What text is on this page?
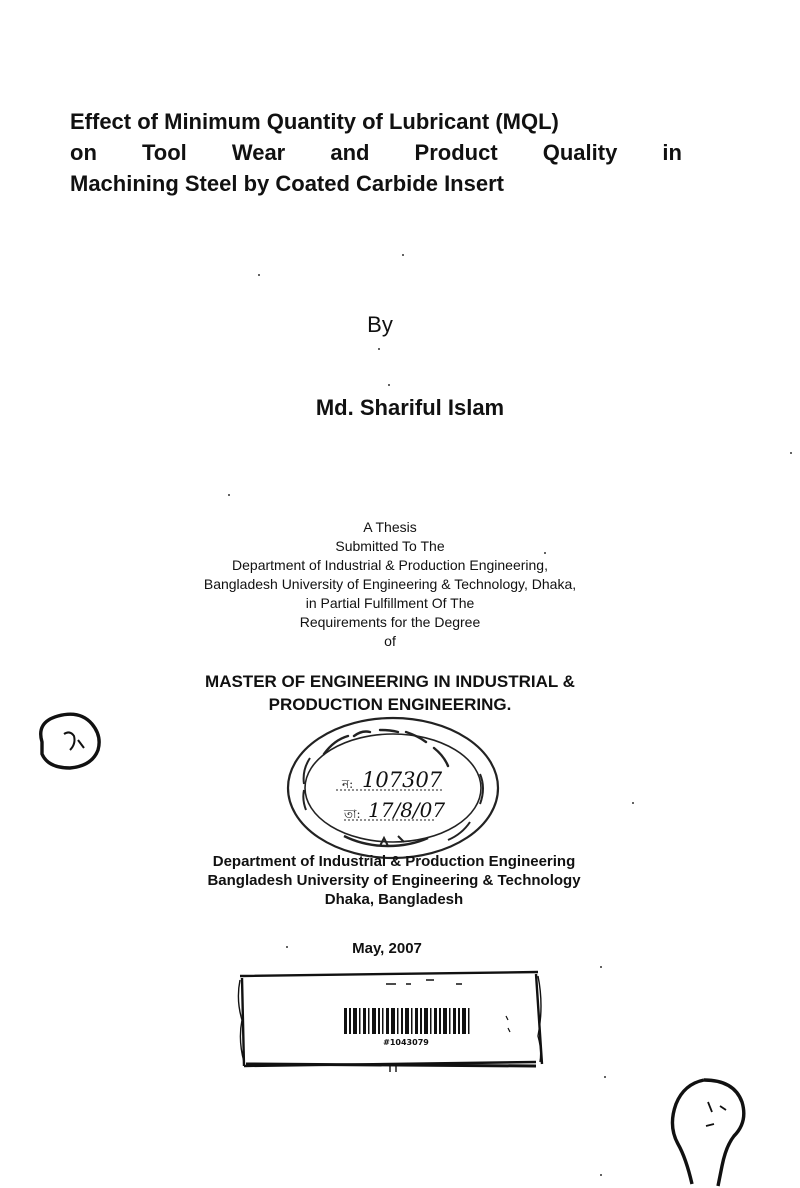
Effect of Minimum Quantity of Lubricant (MQL)
on Tool Wear and Product Quality in
Machining Steel by Coated Carbide Insert
By
Md. Shariful Islam
A Thesis
Submitted To The
Department of Industrial & Production Engineering,
Bangladesh University of Engineering & Technology, Dhaka,
in Partial Fulfillment Of The
Requirements for the Degree
of
MASTER OF ENGINEERING IN INDUSTRIAL &
PRODUCTION ENGINEERING.
ন:
তা:
107307
17/8/07
Department of Industrial & Production Engineering
Bangladesh University of Engineering & Technology
Dhaka, Bangladesh
May, 2007
#1043079
